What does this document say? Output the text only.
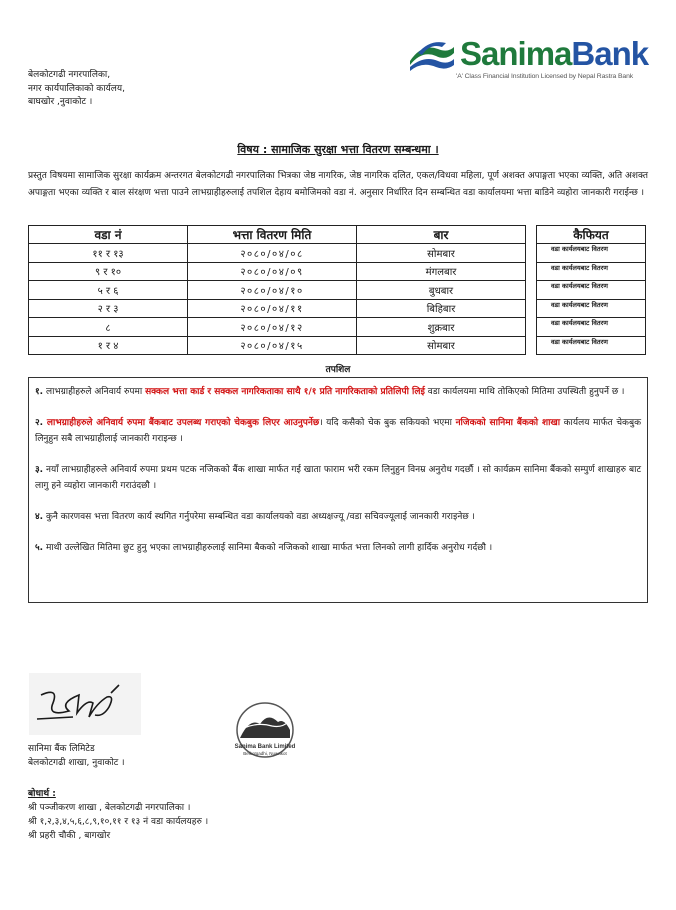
SanimaBank
'A' Class Financial Institution Licensed by Nepal Rastra Bank
बेलकोटगढी नगरपालिका,
नगर कार्यपालिकाको कार्यलय,
बाघखोर ,नुवाकोट ।
विषय : सामाजिक सुरक्षा भत्ता वितरण सम्बन्धमा ।
प्रस्तुत विषयमा सामाजिक सुरक्षा कार्यक्रम अन्तरगत बेलकोटगढी नगरपालिका भित्रका जेष्ठ नागरिक, जेष्ठ नागरिक दलित, एकल/विधवा महिला, पूर्ण अशक्त अपाङ्गता भएका व्यक्ति, अति अशक्त अपाङ्गता भएका व्यक्ति र बाल संरक्षण भत्ता पाउने लाभग्राहीहरुलाई तपशिल देहाय बमोजिमको वडा नं. अनुसार निर्धारित दिन सम्बन्धित वडा कार्यालयमा भत्ता बाडिने व्यहोरा जानकारी गराईन्छ ।
वडा नं	भत्ता वितरण मिति	बार		कैफियत
११ र १३	२०८०/०४/०८	सोमबार		वडा कार्यलयबाट वितरण
९ र १०	२०८०/०४/०९	मंगलबार		वडा कार्यलयबाट वितरण
५ र ६	२०८०/०४/१०	बुधबार		वडा कार्यलयबाट वितरण
२ र ३	२०८०/०४/११	बिहिबार		वडा कार्यलयबाट वितरण
८	२०८०/०४/१२	शुक्रबार		वडा कार्यलयबाट वितरण
१ र ४	२०८०/०४/१५	सोमबार		वडा कार्यलयबाट वितरण
तपशिल

१. लाभग्राहीहरुले अनिवार्य रुपमा सक्कल भत्ता कार्ड र सक्कल नागरिकताका साथै १/१ प्रति नागरिकताको प्रतिलिपी लिई वडा कार्यलयमा माथि तोकिएको मितिमा उपस्थिती हुनुपर्ने छ ।

२. लाभग्राहीहरुले अनिवार्य रुपमा बैंकबाट उपलब्ध गराएको चेकबुक लिएर आउनुपर्नेछ। यदि कसैको चेक बुक सकियको भएमा नजिकको सानिमा बैंकको शाखा कार्यलय मार्फत चेकबुक लिनुहुन सबै लाभग्राहीलाई जानकारी गराइन्छ ।

३. नयाँ लाभग्राहीहरुले अनिवार्य रुपमा प्रथम पटक नजिकको बैंक शाखा मार्फत गई खाता फाराम भरी रकम लिनुहुन विनम्र अनुरोध गदर्छौ । सो कार्यक्रम सानिमा बैंकको सम्पुर्ण शाखाहरु बाट लागु हने व्यहोरा जानकारी गराउंदछौ ।

४. कुनै कारणवस भत्ता वितरण कार्य स्थगित गर्नुपरेमा सम्बन्धित वडा कार्यालयको वडा अध्यक्षज्यू /वडा सचिवज्यूलाई जानकारी गराइनेछ ।

५. माथी उल्लेखित मितिमा छुट हुनु भएका लाभग्राहीहरुलाई सानिमा बैकको नजिकको शाखा मार्फत भत्ता लिनको लागी हार्दिक अनुरोध गर्दछौ ।

Sanima Bank Limited
Belkotgadhi, Nuwakot
सानिमा बैंक लिमिटेड
बेलकोटगढी शाखा, नुवाकोट ।
बोधार्थ :
श्री पञ्जीकरण शाखा , बेलकोटगढी नगरपालिका ।
श्री १,२,३,४,५,६,८,९,१०,११ र १३ नं वडा कार्यलयहरु ।
श्री प्रहरी चौकी , बागखोर
